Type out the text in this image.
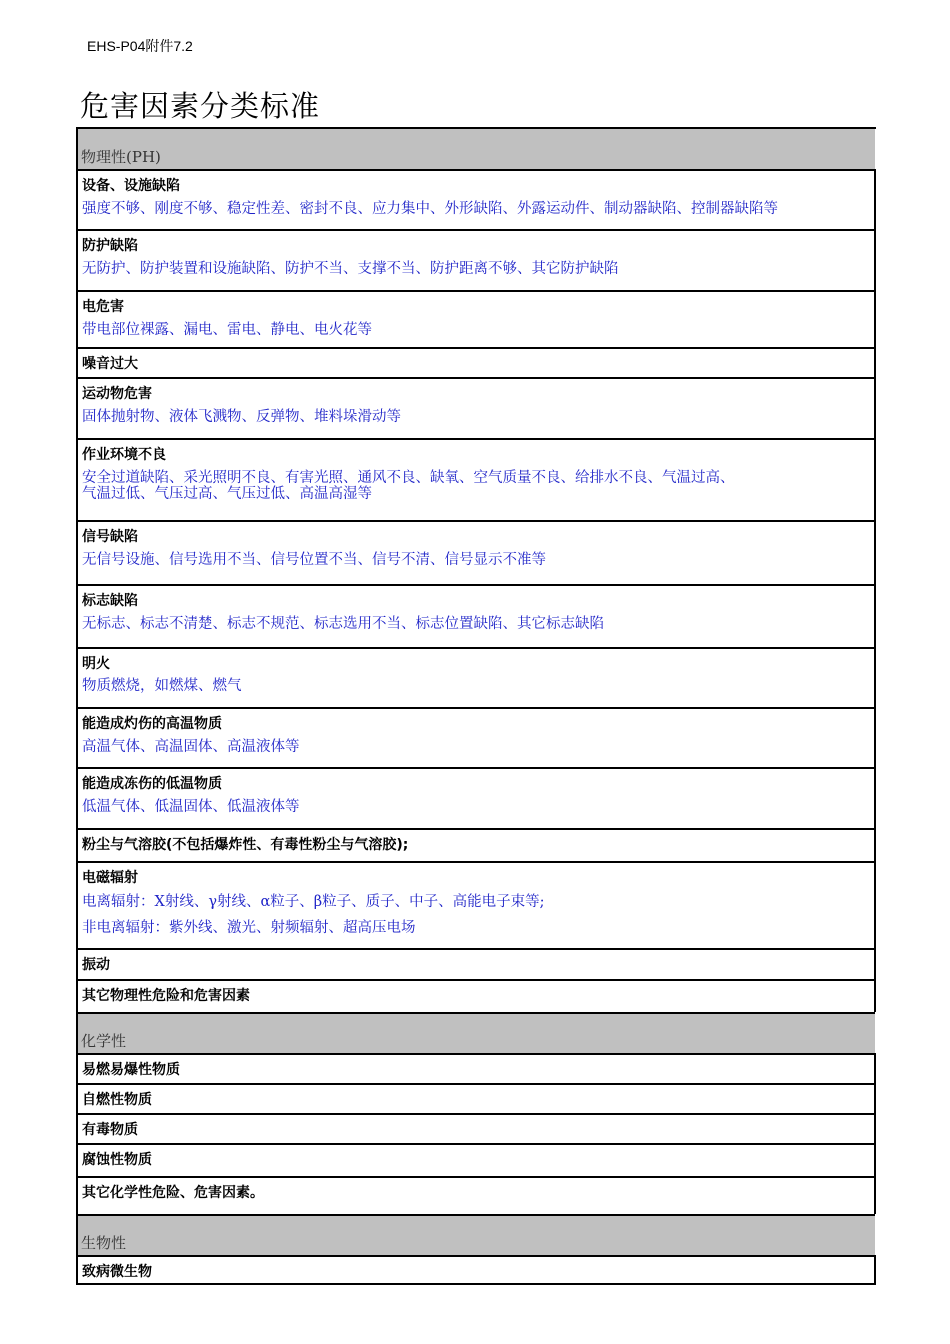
EHS-P04附件7.2
危害因素分类标准
物理性(PH)
设备、设施缺陷
强度不够、刚度不够、稳定性差、密封不良、应力集中、外形缺陷、外露运动件、制动器缺陷、控制器缺陷等
防护缺陷
无防护、防护装置和设施缺陷、防护不当、支撑不当、防护距离不够、其它防护缺陷
电危害
带电部位裸露、漏电、雷电、静电、电火花等
噪音过大
运动物危害
固体抛射物、液体飞溅物、反弹物、堆料垛滑动等
作业环境不良
安全过道缺陷、采光照明不良、有害光照、通风不良、缺氧、空气质量不良、给排水不良、气温过高、
气温过低、气压过高、气压过低、高温高湿等
信号缺陷
无信号设施、信号选用不当、信号位置不当、信号不清、信号显示不准等
标志缺陷
无标志、标志不清楚、标志不规范、标志选用不当、标志位置缺陷、其它标志缺陷
明火
物质燃烧，如燃煤、燃气
能造成灼伤的高温物质
高温气体、高温固体、高温液体等
能造成冻伤的低温物质
低温气体、低温固体、低温液体等
粉尘与气溶胶(不包括爆炸性、有毒性粉尘与气溶胶);
电磁辐射
电离辐射：X射线、γ射线、α粒子、β粒子、质子、中子、高能电子束等;
非电离辐射：紫外线、激光、射频辐射、超高压电场
振动
其它物理性危险和危害因素
化学性
易燃易爆性物质
自燃性物质
有毒物质
腐蚀性物质
其它化学性危险、危害因素。
生物性
致病微生物
